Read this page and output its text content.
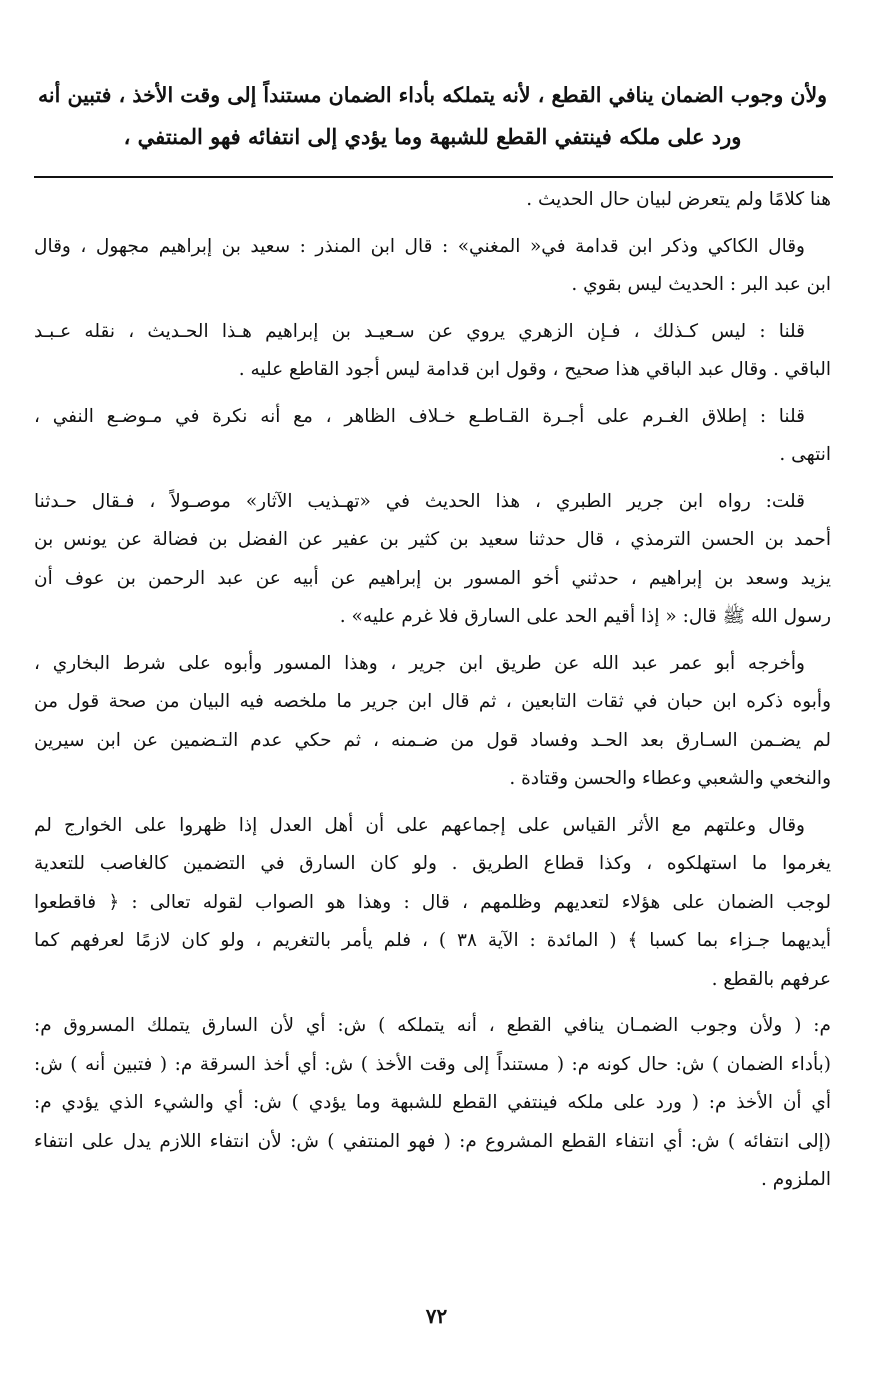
ولأن وجوب الضمان ينافي القطع ، لأنه يتملكه بأداء الضمان مستنداً إلى وقت الأخذ ، فتبين أنه
ورد على ملكه فينتفي القطع للشبهة وما يؤدي إلى انتفائه فهو المنتفي ،
هنا كلامًا ولم يتعرض لبيان حال الحديث .
وقال الكاكي وذكر ابن قدامة في« المغني» : قال ابن المنذر : سعيد بن إبراهيم مجهول ، وقال
ابن عبد البر : الحديث ليس بقوي .
قلنا : ليس كـذلك ، فـإن الزهري يروي عن سـعيـد بن إبراهيم هـذا الحـديث ، نقله عـبـد
الباقي . وقال عبد الباقي هذا صحيح ، وقول ابن قدامة ليس أجود القاطع عليه .
قلنا : إطلاق الغـرم على أجـرة القـاطـع خـلاف الظاهر ، مع أنه نكرة في مـوضـع النفي ،
انتهى .
قلت: رواه ابن جرير الطبري ، هذا الحديث في «تهـذيب الآثار» موصـولاً ، فـقال حـدثنا
أحمد بن الحسن الترمذي ، قال حدثنا سعيد بن كثير بن عفير عن الفضل بن فضالة عن يونس بن
يزيد وسعد بن إبراهيم ، حدثني أخو المسور بن إبراهيم عن أبيه عن عبد الرحمن بن عوف أن
رسول الله ﷺ قال: « إذا أقيم الحد على السارق فلا غرم عليه» .
وأخرجه أبو عمر عبد الله عن طريق ابن جرير ، وهذا المسور وأبوه على شرط البخاري ،
وأبوه ذكره ابن حبان في ثقات التابعين ، ثم قال ابن جرير ما ملخصه فيه البيان من صحة قول من
لم يضـمن السـارق بعد الحـد وفساد قول من ضـمنه ، ثم حكي عدم التـضمين عن ابن سيرين
والنخعي والشعبي وعطاء والحسن وقتادة .
وقال وعلتهم مع الأثر القياس على إجماعهم على أن أهل العدل إذا ظهروا على الخوارج لم
يغرموا ما استهلكوه ، وكذا قطاع الطريق . ولو كان السارق في التضمين كالغاصب للتعدية
لوجب الضمان على هؤلاء لتعديهم وظلمهم ، قال : وهذا هو الصواب لقوله تعالى : ﴿ فاقطعوا
أيديهما جـزاء بما كسبا ﴾ ( المائدة : الآية ٣٨ ) ، فلم يأمر بالتغريم ، ولو كان لازمًا لعرفهم كما
عرفهم بالقطع .
م: ( ولأن وجوب الضمـان ينافي القطع ، أنه يتملكه ) ش: أي لأن السارق يتملك المسروق م:
(بأداء الضمان ) ش: حال كونه م: ( مستنداً إلى وقت الأخذ ) ش: أي أخذ السرقة م: ( فتبين أنه ) ش:
أي أن الأخذ م: ( ورد على ملكه فينتفي القطع للشبهة وما يؤدي ) ش: أي والشيء الذي يؤدي م:
(إلى انتفائه ) ش: أي انتفاء القطع المشروع م: ( فهو المنتفي ) ش: لأن انتفاء اللازم يدل على انتفاء
الملزوم .
٧٢
